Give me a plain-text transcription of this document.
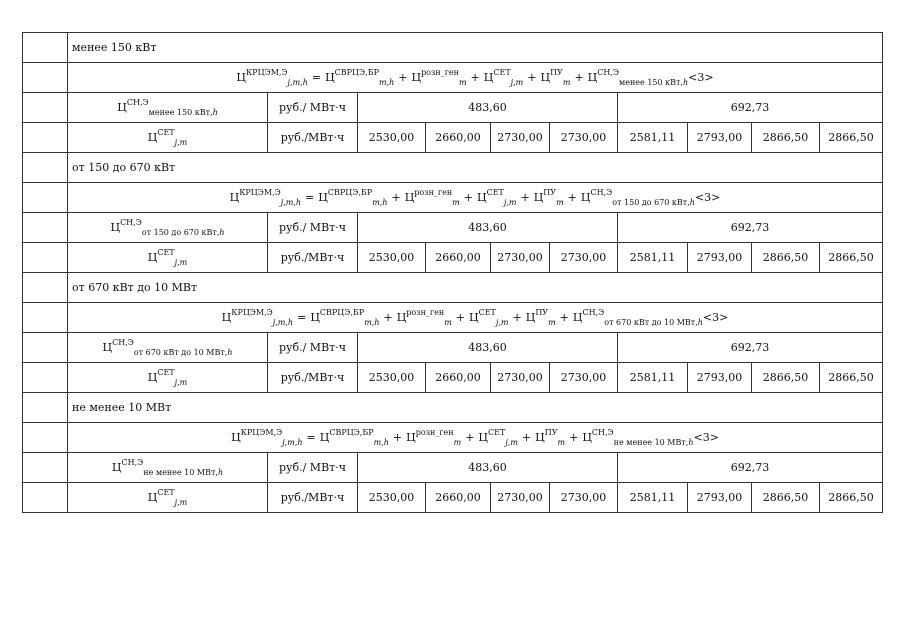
	менее 150 кВт									
	$Ц^{КРЦЭМ,Э}_{j,m,h} = Ц^{СВРЦЭ,БР}_{m,h} + Ц^{розн\_ген}_m + Ц^{СЕТ}_{j,m} + Ц^{ПУ}_m + Ц^{СН,Э}_{менее 150 кВт,h}<3>$									
	$Ц^{СН,Э}_{менее 150 кВт,h}$	руб./ МВт·ч	483,60				692,73			
	$Ц^{СЕТ}_{j,m}$	руб./МВт·ч	2530,00	2660,00	2730,00	2730,00	2581,11	2793,00	2866,50	2866,50
	от 150 до 670 кВт									
	$Ц^{КРЦЭМ,Э}_{j,m,h} = Ц^{СВРЦЭ,БР}_{m,h} + Ц^{розн\_ген}_m + Ц^{СЕТ}_{j,m} + Ц^{ПУ}_m + Ц^{СН,Э}_{от 150 до 670 кВт,h}<3>$									
	$Ц^{СН,Э}_{от 150 до 670 кВт,h}$	руб./ МВт·ч	483,60				692,73			
	$Ц^{СЕТ}_{j,m}$	руб./МВт·ч	2530,00	2660,00	2730,00	2730,00	2581,11	2793,00	2866,50	2866,50
	от 670 кВт до 10 МВт									
	$Ц^{КРЦЭМ,Э}_{j,m,h} = Ц^{СВРЦЭ,БР}_{m,h} + Ц^{розн\_ген}_m + Ц^{СЕТ}_{j,m} + Ц^{ПУ}_m + Ц^{СН,Э}_{от 670 кВт до 10 МВт,h}<3>$									
	$Ц^{СН,Э}_{от 670 кВт до 10 МВт,h}$	руб./ МВт·ч	483,60				692,73			
	$Ц^{СЕТ}_{j,m}$	руб./МВт·ч	2530,00	2660,00	2730,00	2730,00	2581,11	2793,00	2866,50	2866,50
	не менее 10 МВт									
	$Ц^{КРЦЭМ,Э}_{j,m,h} = Ц^{СВРЦЭ,БР}_{m,h} + Ц^{розн\_ген}_m + Ц^{СЕТ}_{j,m} + Ц^{ПУ}_m + Ц^{СН,Э}_{не менее 10 МВт,h}<3>$									
	$Ц^{СН,Э}_{не менее 10 МВт,h}$	руб./ МВт·ч	483,60				692,73			
	$Ц^{СЕТ}_{j,m}$	руб./МВт·ч	2530,00	2660,00	2730,00	2730,00	2581,11	2793,00	2866,50	2866,50
